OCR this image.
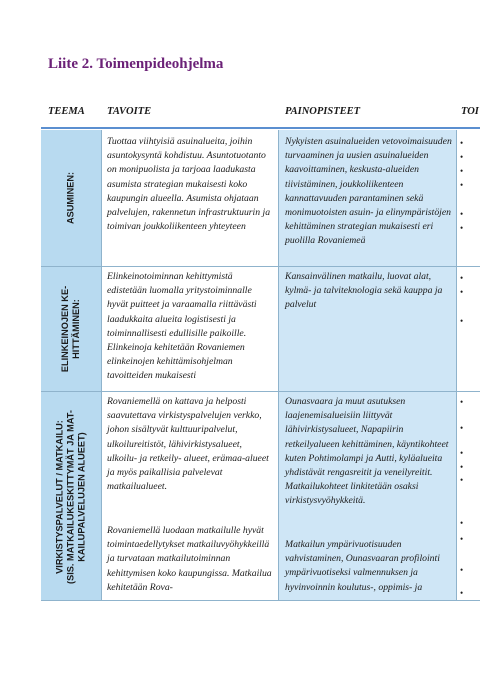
Liite 2. Toimenpideohjelma
TEEMA TAVOITE	PAINOPISTEET	TOI
ASUMINEN:
ELINKEINOJEN KE- HITTÄMINEN:
VIRKISTYSPALVELUT / MATKAILU: (SIS. MATKAILUKESKITTYMÄT JA MAT- KAILUPALVELUJEN ALUEET)

Tuottaa viihtyisiä asuinalueita, joihin asuntokysyntä kohdistuu. Asuntotuotanto on monipuolista ja tarjoaa laadukasta asumista strategian mukaisesti koko kaupungin alueella. Asumista ohjataan palvelujen, rakennetun infrastruktuurin ja toimivan joukkoliikenteen yhteyteen

Nykyisten asuinalueiden vetovoimaisuuden turvaaminen ja uusien asuinalueiden kaavoittaminen, keskusta-alueiden tiivistäminen, joukkoliikenteen kannattavuuden parantaminen sekä monimuotoisten asuin- ja elinympäristöjen kehittäminen strategian mukaisesti eri puolilla Rovaniemeä

Elinkeinotoiminnan kehittymistä edistetään luomalla yritystoiminnalle hyvät puitteet ja varaamalla riittävästi laadukkaita alueita logistisesti ja toiminnallisesti edullisille paikoille. Elinkeinoja kehitetään Rovaniemen elinkeinojen kehittämisohjelman tavoitteiden mukaisesti

Kansainvälinen matkailu, luovat alat, kylmä- ja talviteknologia sekä kauppa ja palvelut

Rovaniemellä on kattava ja helposti saavutettava virkistyspalvelujen verkko, johon sisältyvät kulttuuripalvelut, ulkoilureitistöt, lähivirkistysalueet, ulkoilu- ja retkeily- alueet, erämaa-alueet ja myös paikallisia palvelevat matkailualueet.

Rovaniemellä luodaan matkailulle hyvät toimintaedellytykset matkailuvyöhykkeillä ja turvataan matkailutoiminnan kehittymisen koko kaupungissa. Matkailua kehitetään Rova-

Ounasvaara ja muut asutuksen laajenemisalueisiin liittyvät lähivirkistysalueet, Napapiirin retkeilyalueen kehittäminen, käyntikohteet kuten Pohtimolampi ja Autti, kyläalueita yhdistävät rengasreitit ja veneilyreitit. Matkailukohteet linkitetään osaksi virkistysvyöhykkeitä.

Matkailun ympärivuotisuuden vahvistaminen, Ounasvaaran profilointi ympärivuotiseksi valmennuksen ja hyvinvoinnin koulutus-, oppimis- ja

•
•
•
•
•
•
•
•
•
•
•
•
•
•
•
•
•
•
